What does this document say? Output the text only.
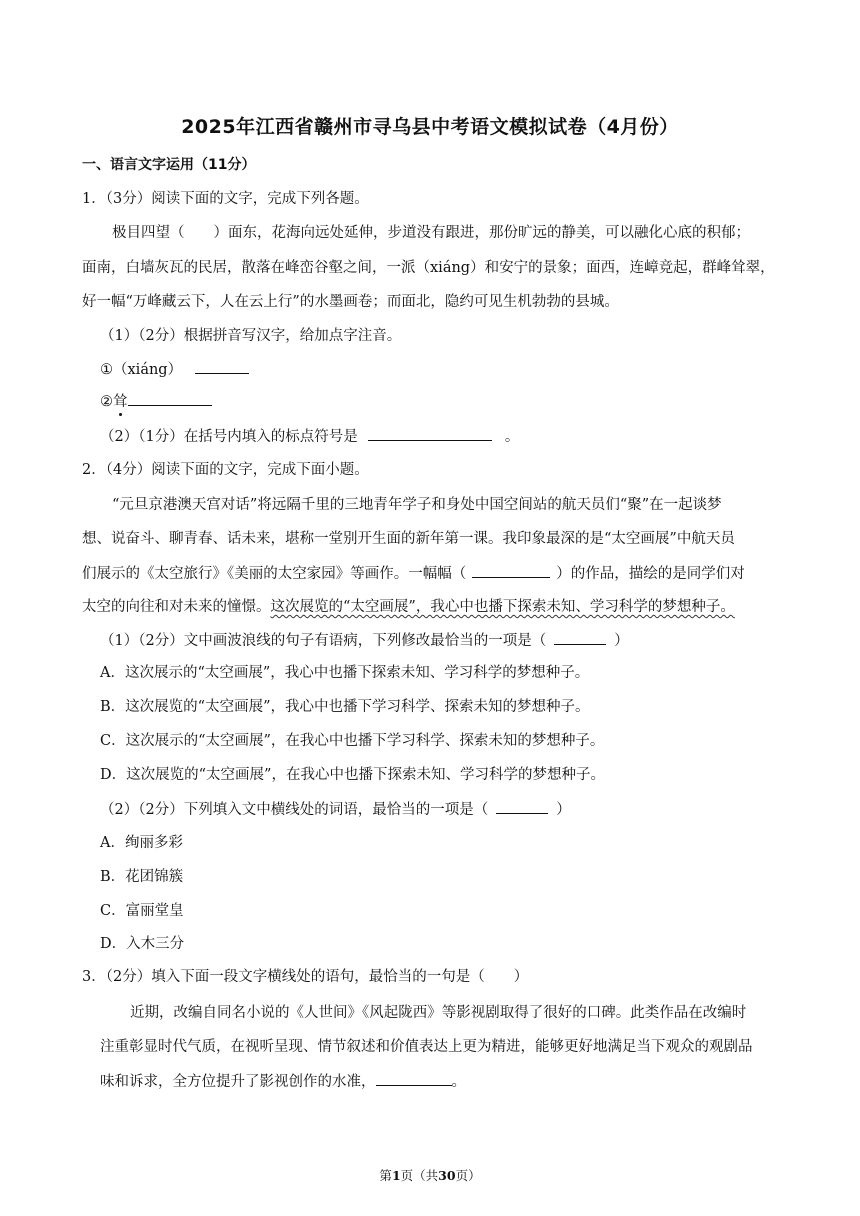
2025年江西省赣州市寻乌县中考语文模拟试卷（4月份）
一、语言文字运用（11分）
1．（3分）阅读下面的文字，完成下列各题。
极目四望（　　）面东，花海向远处延伸，步道没有跟进，那份旷远的静美，可以融化心底的积郁；
面南，白墙灰瓦的民居，散落在峰峦谷壑之间，一派（xiáng）和安宁的景象；面西，连嶂竞起，群峰耸翠，
好一幅“万峰藏云下，人在云上行”的水墨画卷；而面北，隐约可见生机勃勃的县城。
（1）（2分）根据拼音写汉字，给加点字注音。
①（xiáng）
②耸
（2）（1分）在括号内填入的标点符号是	。
2．（4分）阅读下面的文字，完成下面小题。
“元旦京港澳天宫对话”将远隔千里的三地青年学子和身处中国空间站的航天员们“聚”在一起谈梦
想、说奋斗、聊青春、话未来，堪称一堂别开生面的新年第一课。我印象最深的是“太空画展”中航天员
们展示的《太空旅行》《美丽的太空家园》等画作。一幅幅（	）的作品，描绘的是同学们对
太空的向往和对未来的憧憬。这次展览的“太空画展”，我心中也播下探索未知、学习科学的梦想种子。
（1）（2分）文中画波浪线的句子有语病，下列修改最恰当的一项是（	）
A．这次展示的“太空画展”，我心中也播下探索未知、学习科学的梦想种子。
B．这次展览的“太空画展”，我心中也播下学习科学、探索未知的梦想种子。
C．这次展示的“太空画展”，在我心中也播下学习科学、探索未知的梦想种子。
D．这次展览的“太空画展”，在我心中也播下探索未知、学习科学的梦想种子。
（2）（2分）下列填入文中横线处的词语，最恰当的一项是（	）
A．绚丽多彩
B．花团锦簇
C．富丽堂皇
D．入木三分
3．（2分）填入下面一段文字横线处的语句，最恰当的一句是（　　）
近期，改编自同名小说的《人世间》《风起陇西》等影视剧取得了很好的口碑。此类作品在改编时
注重彰显时代气质，在视听呈现、情节叙述和价值表达上更为精进，能够更好地满足当下观众的观剧品
味和诉求，全方位提升了影视创作的水准，	。
第1页（共30页）
